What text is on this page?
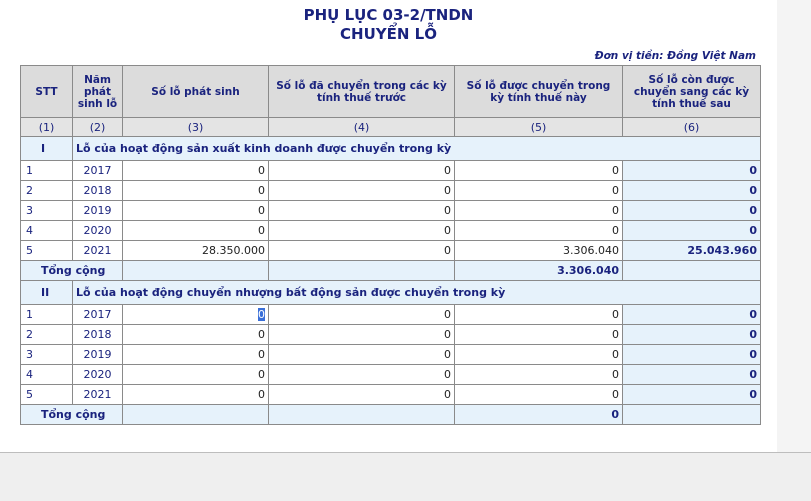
PHỤ LỤC 03-2/TNDN
CHUYỂN LỖ
Đơn vị tiền: Đồng Việt Nam
STT	Năm phát sinh lỗ	Số lỗ phát sinh	Số lỗ đã chuyển trong các kỳ tính thuế trước	Số lỗ được chuyển trong kỳ tính thuế này	Số lỗ còn được chuyển sang các kỳ tính thuế sau
(1)	(2)	(3)	(4)	(5)	(6)
I	Lỗ của hoạt động sản xuất kinh doanh được chuyển trong kỳ				
1	2017	0	0	0	0
2	2018	0	0	0	0
3	2019	0	0	0	0
4	2020	0	0	0	0
5	2021	28.350.000	0	3.306.040	25.043.960
Tổng cộng				3.306.040	
II	Lỗ của hoạt động chuyển nhượng bất động sản được chuyển trong kỳ				
1	2017	0	0	0	0
2	2018	0	0	0	0
3	2019	0	0	0	0
4	2020	0	0	0	0
5	2021	0	0	0	0
Tổng cộng				0	
